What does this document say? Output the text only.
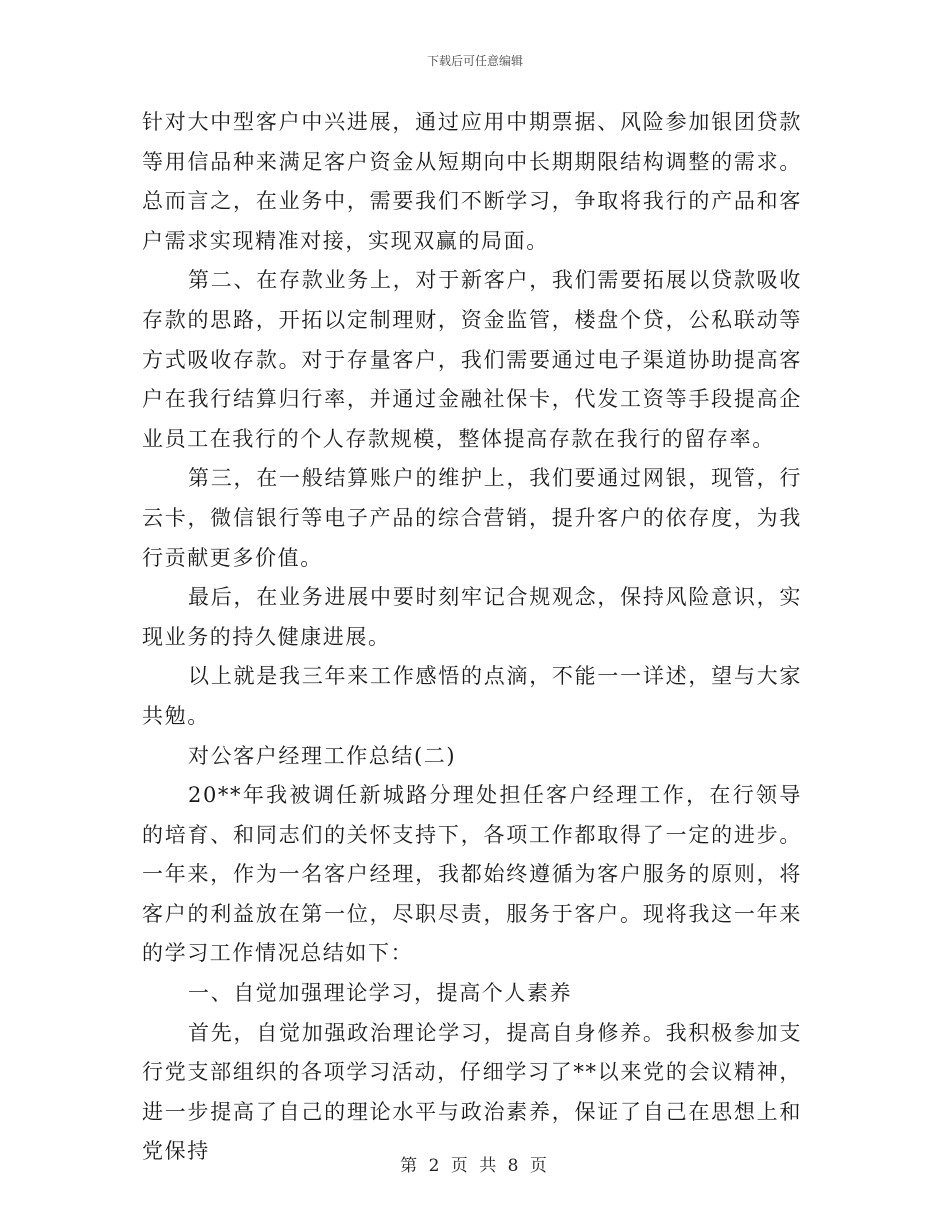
下载后可任意编辑

针对大中型客户中兴进展，通过应用中期票据、风险参加银团贷款等用信品种来满足客户资金从短期向中长期期限结构调整的需求。总而言之，在业务中，需要我们不断学习，争取将我行的产品和客户需求实现精准对接，实现双赢的局面。

第二、在存款业务上，对于新客户，我们需要拓展以贷款吸收存款的思路，开拓以定制理财，资金监管，楼盘个贷，公私联动等方式吸收存款。对于存量客户，我们需要通过电子渠道协助提高客户在我行结算归行率，并通过金融社保卡，代发工资等手段提高企业员工在我行的个人存款规模，整体提高存款在我行的留存率。

第三，在一般结算账户的维护上，我们要通过网银，现管，行云卡，微信银行等电子产品的综合营销，提升客户的依存度，为我行贡献更多价值。

最后，在业务进展中要时刻牢记合规观念，保持风险意识，实现业务的持久健康进展。

以上就是我三年来工作感悟的点滴，不能一一详述，望与大家共勉。

对公客户经理工作总结(二)

20**年我被调任新城路分理处担任客户经理工作，在行领导的培育、和同志们的关怀支持下，各项工作都取得了一定的进步。一年来，作为一名客户经理，我都始终遵循为客户服务的原则，将客户的利益放在第一位，尽职尽责，服务于客户。现将我这一年来的学习工作情况总结如下：

一、自觉加强理论学习，提高个人素养

首先，自觉加强政治理论学习，提高自身修养。我积极参加支行党支部组织的各项学习活动，仔细学习了**以来党的会议精神，进一步提高了自己的理论水平与政治素养，保证了自己在思想上和党保持

第 2 页 共 8 页
